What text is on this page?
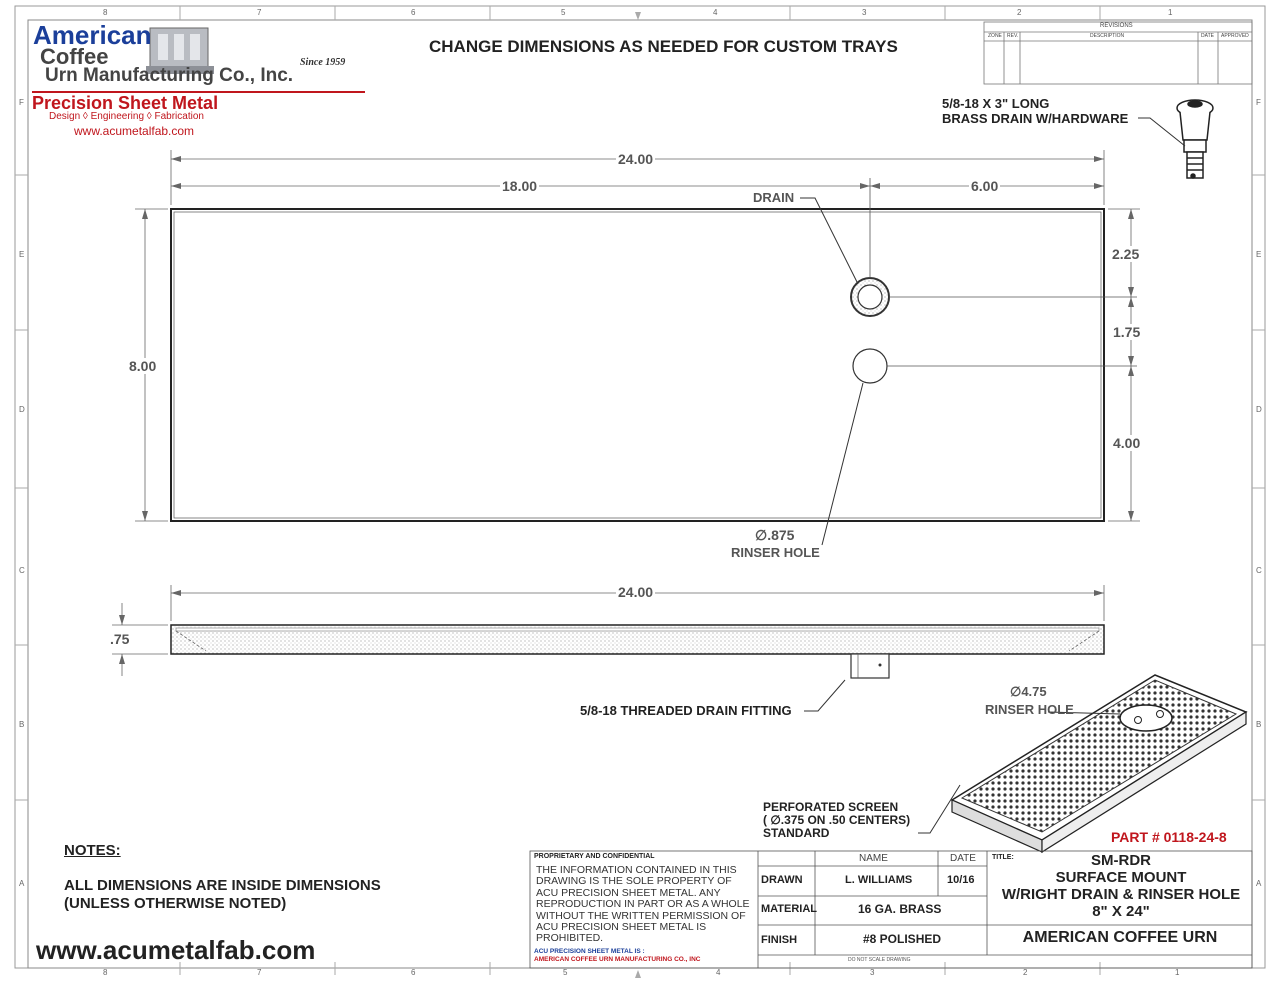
American
Coffee
Urn Manufacturing Co., Inc.
Since 1959
Precision Sheet Metal
Design ◊ Engineering ◊ Fabrication
www.acumetalfab.com
CHANGE DIMENSIONS AS NEEDED FOR CUSTOM TRAYS
REVISIONS
ZONE REV.	DESCRIPTION	DATE APPROVED
8	7	6	5	4	3	2	1
8	7	6	5	4	3	2	1
F
E
D
C
B
A
F
E
D
C
B
A
5/8-18 X 3" LONG
BRASS DRAIN W/HARDWARE
DRAIN
∅.875
RINSER HOLE
5/8-18 THREADED DRAIN FITTING
∅4.75
RINSER HOLE
PERFORATED SCREEN
( ∅.375 ON .50 CENTERS)
STANDARD
24.00
18.00	6.00
8.00
2.25
1.75
4.00
24.00
.75
NOTES:
ALL DIMENSIONS ARE INSIDE DIMENSIONS
(UNLESS OTHERWISE NOTED)
www.acumetalfab.com
PART # 0118-24-8
PROPRIETARY AND CONFIDENTIAL
THE INFORMATION CONTAINED IN THIS DRAWING IS THE SOLE PROPERTY OF ACU PRECISION SHEET METAL. ANY REPRODUCTION IN PART OR AS A WHOLE WITHOUT THE WRITTEN PERMISSION OF ACU PRECISION SHEET METAL IS PROHIBITED.
ACU PRECISION SHEET METAL IS :
AMERICAN COFFEE URN MANUFACTURING CO., INC
NAME	DATE
DRAWN	L. WILLIAMS	10/16
MATERIAL	16 GA. BRASS
FINISH	#8 POLISHED
TITLE:	SM-RDR
SURFACE MOUNT
W/RIGHT DRAIN & RINSER HOLE
8" X 24"
AMERICAN COFFEE URN
DO NOT SCALE DRAWING
